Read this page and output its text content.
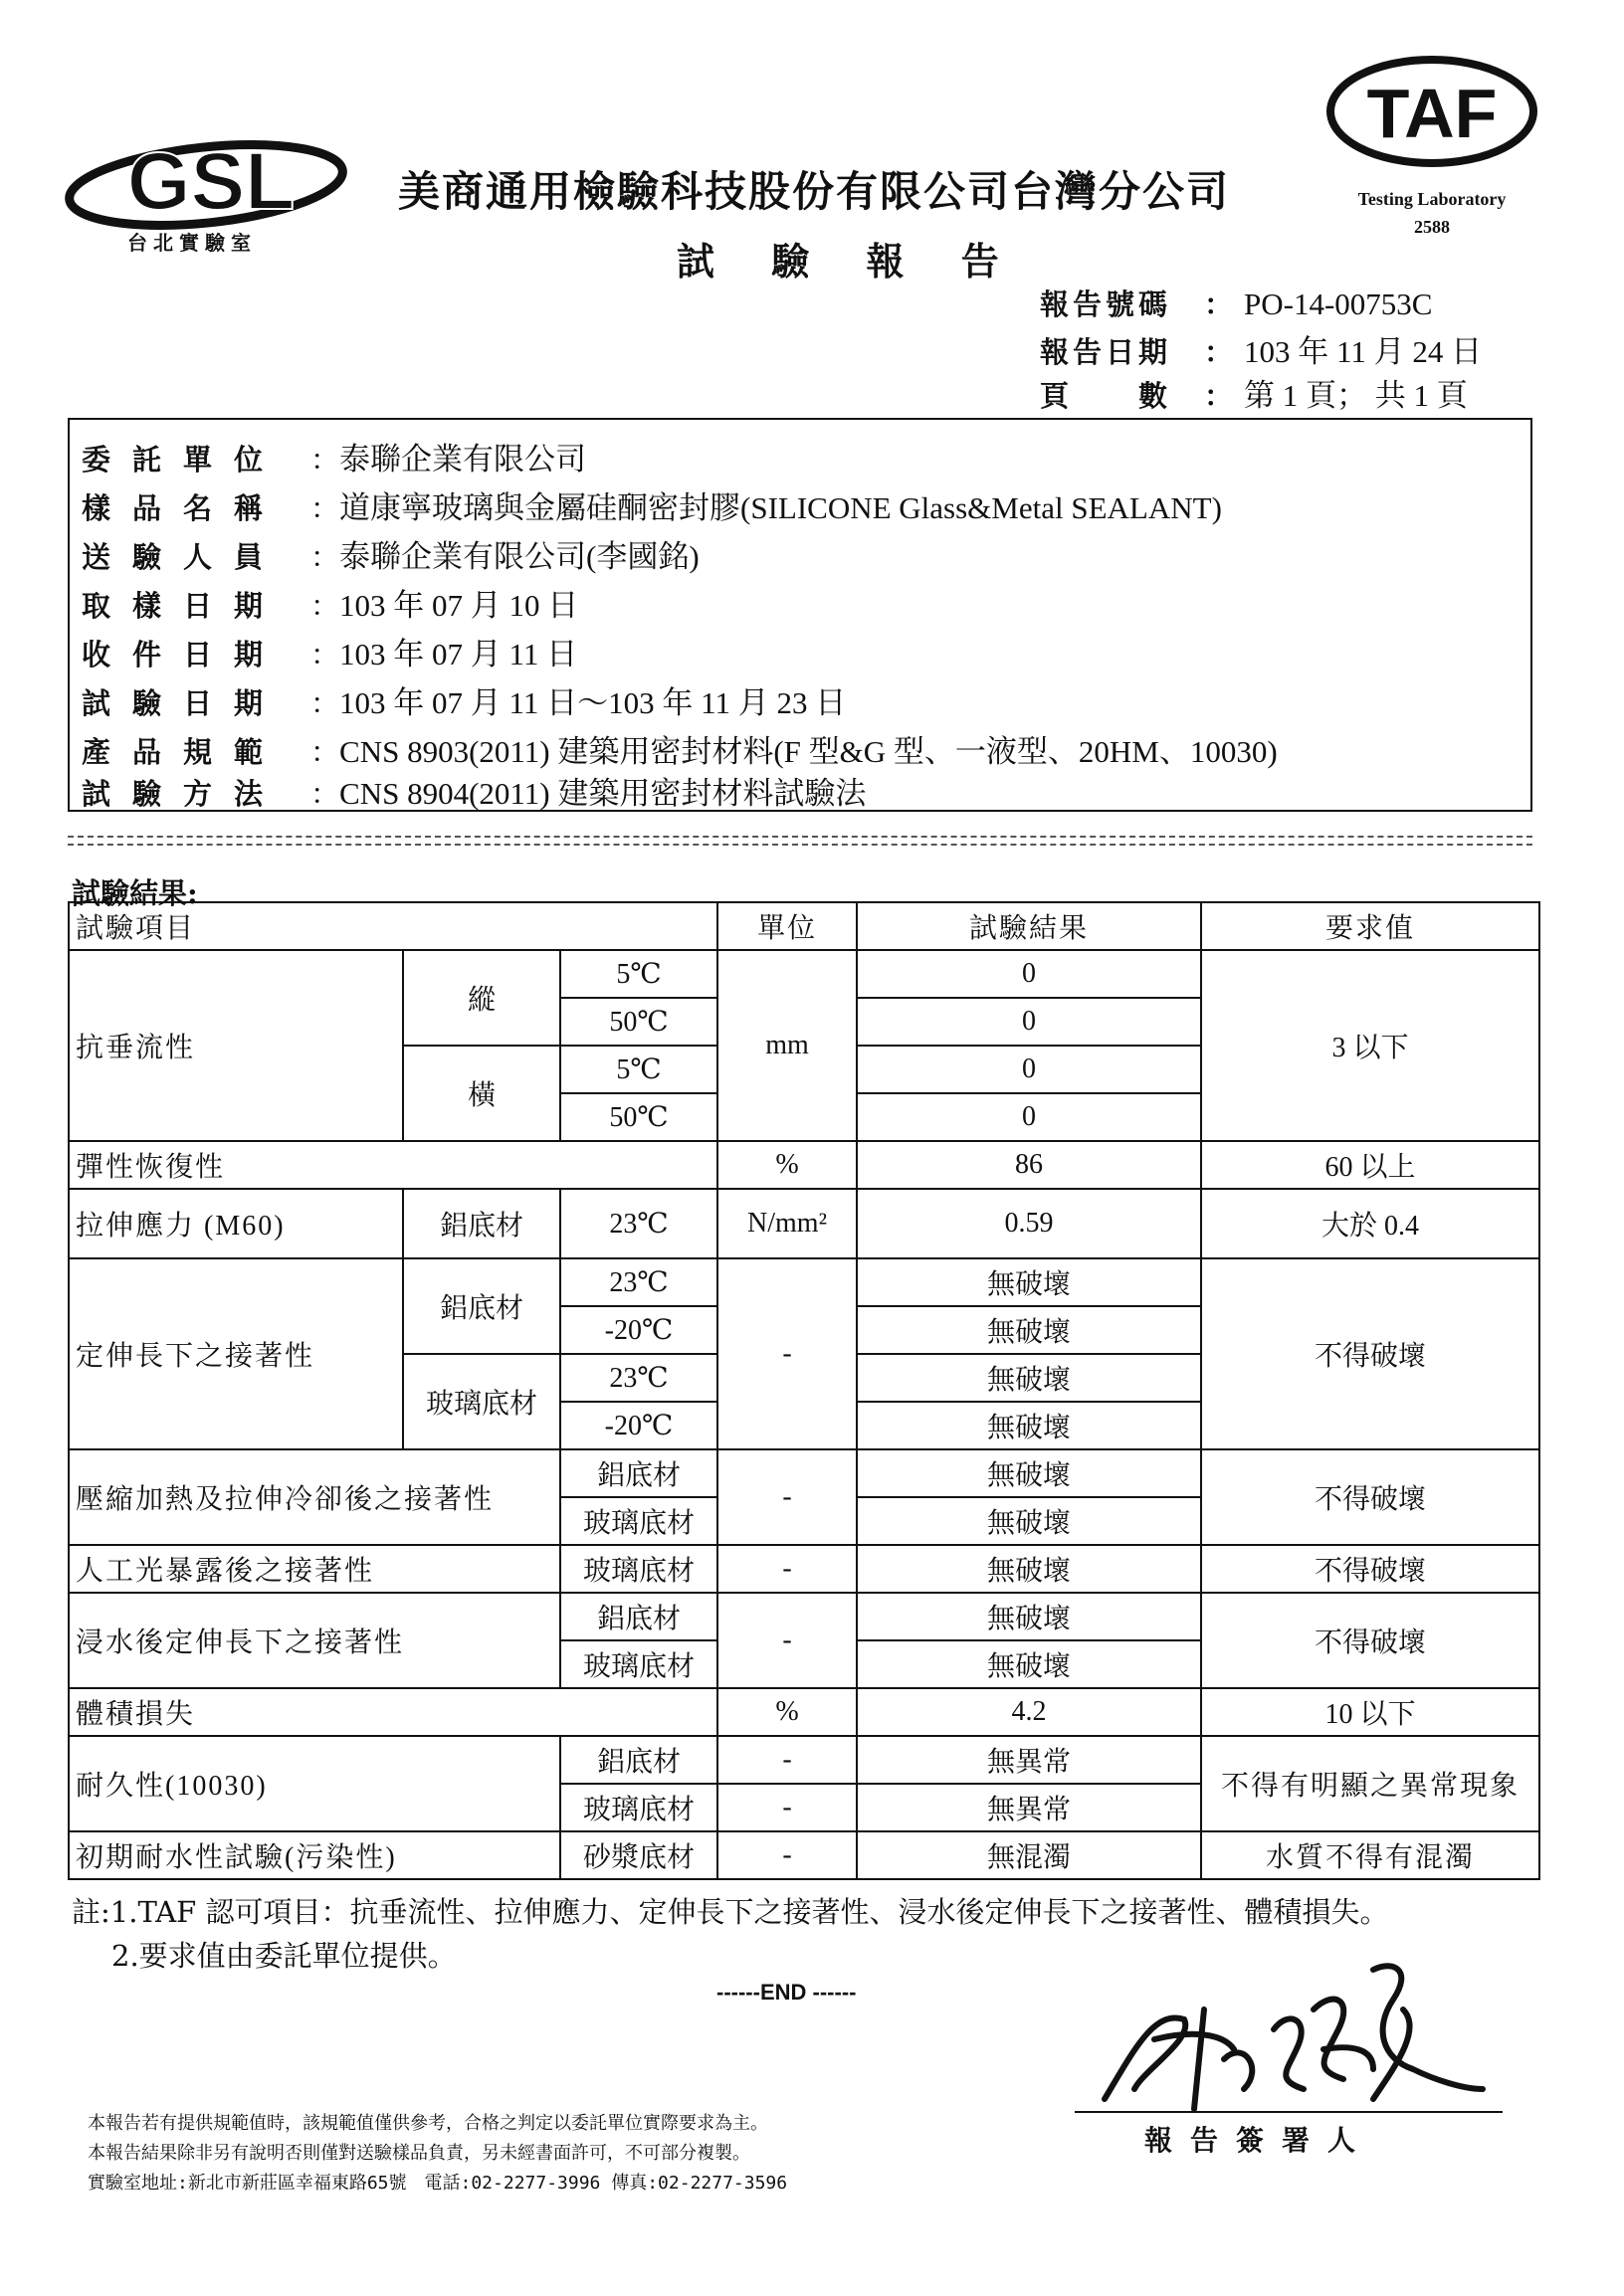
GSL
台北實驗室
美商通用檢驗科技股份有限公司台灣分公司
試 驗 報 告
TAF
Testing Laboratory
2588
報告號碼 ： PO-14-00753C
報告日期 ： 103 年 11 月 24 日
頁　　數 ： 第 1 頁； 共 1 頁
委託單位 ：泰聯企業有限公司
樣品名稱 ：道康寧玻璃與金屬硅酮密封膠(SILICONE Glass&Metal SEALANT)
送驗人員 ：泰聯企業有限公司(李國銘)
取樣日期 ：103 年 07 月 10 日
收件日期 ：103 年 07 月 11 日
試驗日期 ：103 年 07 月 11 日～103 年 11 月 23 日
產品規範 ：CNS 8903(2011) 建築用密封材料(F 型&G 型、一液型、20HM、10030)
試驗方法 ：CNS 8904(2011) 建築用密封材料試驗法
試驗結果:
試驗項目			單位	試驗結果	要求值
抗垂流性	縱	5℃	mm	0	3 以下
		50℃		0	
	橫	5℃		0	
		50℃		0	
彈性恢復性			%	86	60 以上
拉伸應力 (M60)	鋁底材	23℃	N/mm²	0.59	大於 0.4
定伸長下之接著性	鋁底材	23℃	-	無破壞	不得破壞
		-20℃		無破壞	
	玻璃底材	23℃		無破壞	
		-20℃		無破壞	
壓縮加熱及拉伸冷卻後之接著性		鋁底材	-	無破壞	不得破壞
		玻璃底材		無破壞	
人工光暴露後之接著性		玻璃底材	-	無破壞	不得破壞
浸水後定伸長下之接著性		鋁底材	-	無破壞	不得破壞
		玻璃底材		無破壞	
體積損失			%	4.2	10 以下
耐久性(10030)		鋁底材	-	無異常	不得有明顯之異常現象
		玻璃底材	-	無異常	
初期耐水性試驗(污染性)		砂漿底材	-	無混濁	水質不得有混濁
註:1.TAF 認可項目：抗垂流性、拉伸應力、定伸長下之接著性、浸水後定伸長下之接著性、體積損失。
2.要求值由委託單位提供。
------END ------
報告簽署人
本報告若有提供規範值時，該規範值僅供參考，合格之判定以委託單位實際要求為主。
本報告結果除非另有說明否則僅對送驗樣品負責，另未經書面許可，不可部分複製。
實驗室地址:新北市新莊區幸福東路65號　電話:02-2277-3996 傳真:02-2277-3596
